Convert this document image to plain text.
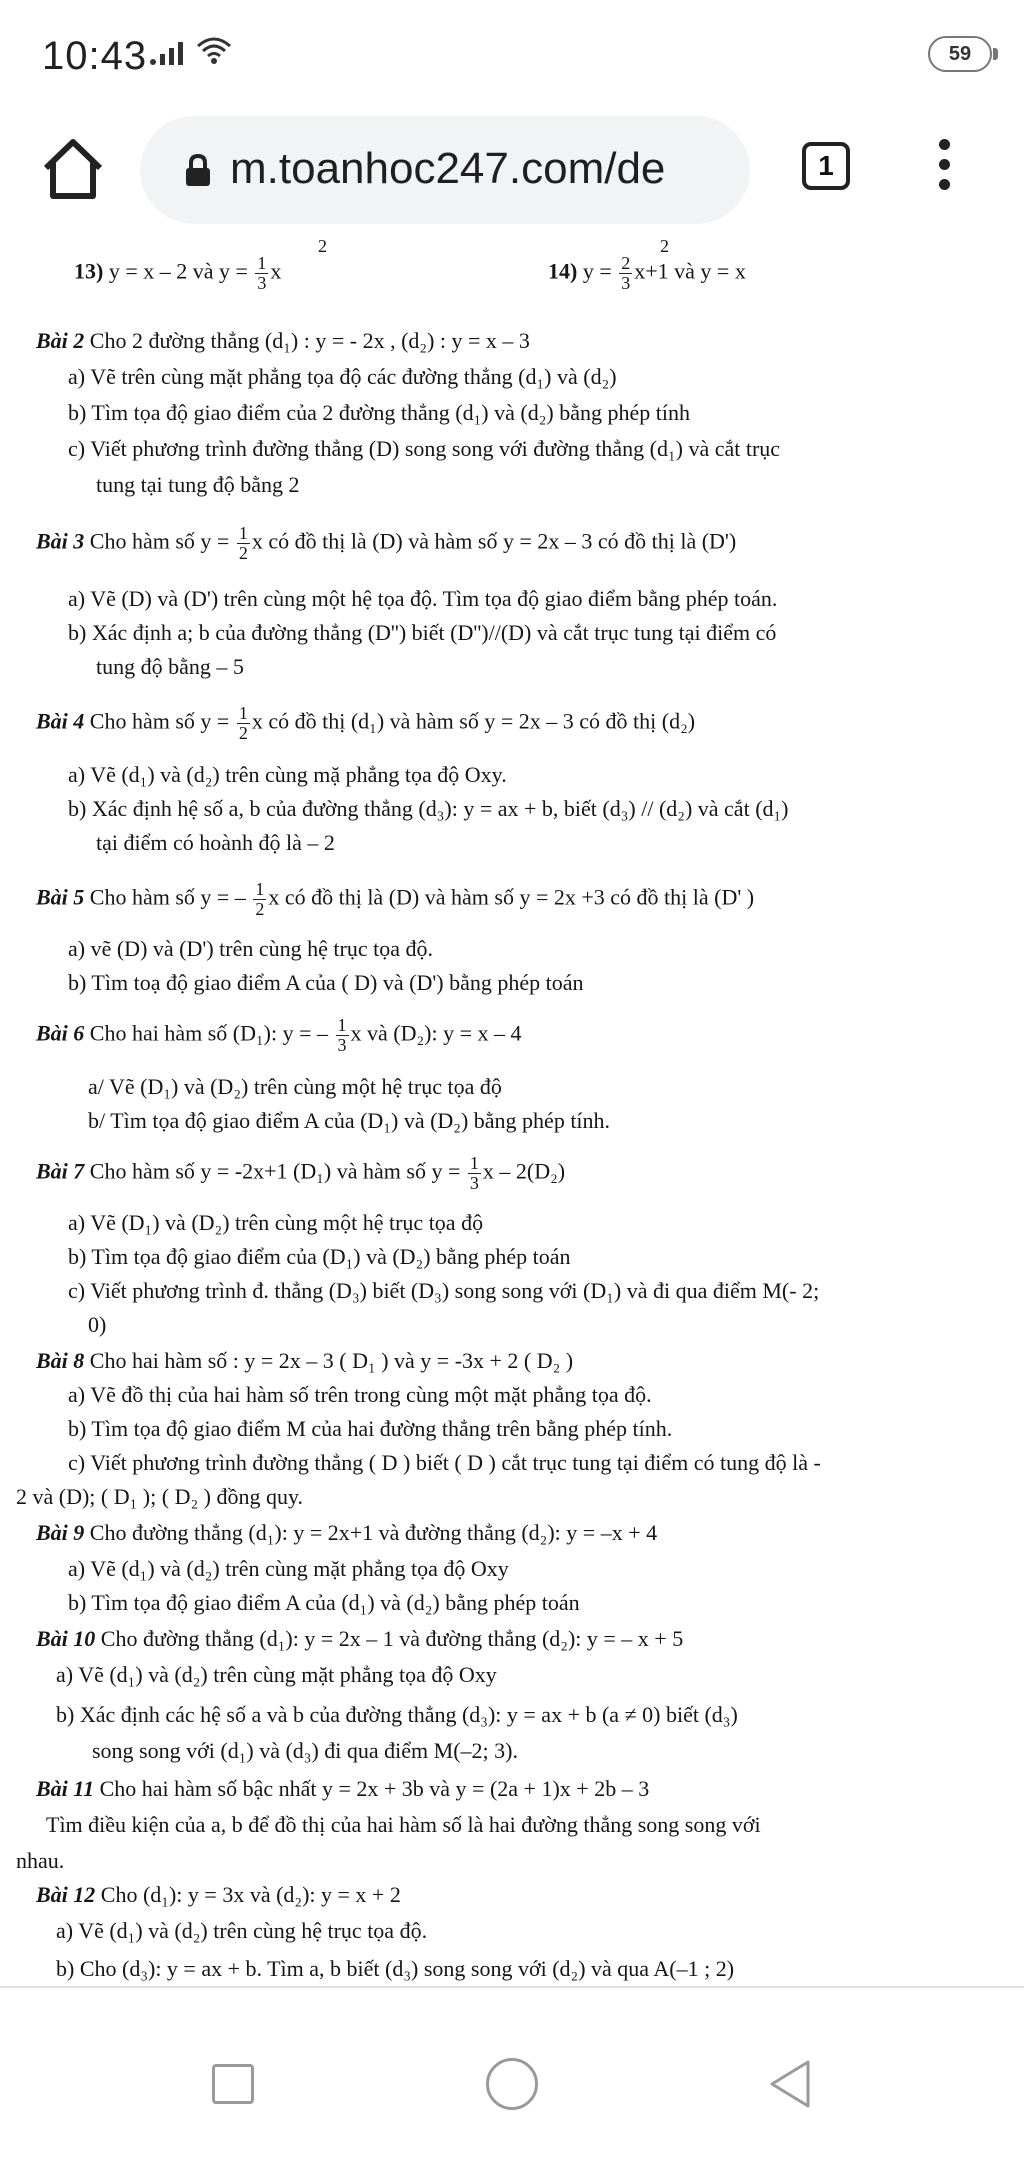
10:43	59
m.toanhoc247.com/de	1
2	2
13) y = x – 2 và $y = \frac{1}{3}$ x	14) $y = \frac{2}{3} x+1$ và y = x
Bài 2 Cho 2 đường thẳng (d₁) : y = - 2x , (d₂) : y = x – 3
a) Vẽ trên cùng mặt phẳng tọa độ các đường thẳng (d₁) và (d₂)
b) Tìm tọa độ giao điểm của 2 đường thẳng (d₁) và (d₂) bằng phép tính
c) Viết phương trình đường thẳng (D) song song với đường thẳng (d₁) và cắt trục
tung tại tung độ bằng 2
Bài 3 Cho hàm số $y = \frac{1}{2}$ x có đồ thị là (D) và hàm số y = 2x – 3 có đồ thị là (D')
a) Vẽ (D) và (D') trên cùng một hệ tọa độ. Tìm tọa độ giao điểm bằng phép toán.
b) Xác định a; b của đường thẳng (D'') biết (D'')//(D) và cắt trục tung tại điểm có
tung độ bằng – 5
Bài 4 Cho hàm số $y = \frac{1}{2}$ x có đồ thị (d₁) và hàm số y = 2x – 3 có đồ thị (d₂)
a) Vẽ (d₁) và (d₂) trên cùng mặ phẳng tọa độ Oxy.
b) Xác định hệ số a, b của đường thẳng (d₃): y = ax + b, biết (d₃) // (d₂) và cắt (d₁)
tại điểm có hoành độ là – 2
Bài 5 Cho hàm số y = – $\frac{1}{2}$ x có đồ thị là (D) và hàm số y = 2x +3 có đồ thị là (D' )
a) vẽ (D) và (D') trên cùng hệ trục tọa độ.
b) Tìm toạ độ giao điểm A của ( D) và (D') bằng phép toán
Bài 6 Cho hai hàm số (D₁): y = – $\frac{1}{3}$ x và (D₂): y = x – 4
a/ Vẽ (D₁) và (D₂) trên cùng một hệ trục tọa độ
b/ Tìm tọa độ giao điểm A của (D₁) và (D₂) bằng phép tính.
Bài 7 Cho hàm số y = -2x+1 (D₁) và hàm số $y = \frac{1}{3}$ x – 2(D₂)
a) Vẽ (D₁) và (D₂) trên cùng một hệ trục tọa độ
b) Tìm tọa độ giao điểm của (D₁) và (D₂) bằng phép toán
c) Viết phương trình đ. thẳng (D₃) biết (D₃) song song với (D₁) và đi qua điểm M(- 2;
0)
Bài 8 Cho hai hàm số : y = 2x – 3 ( D₁ ) và y = -3x + 2 ( D₂ )
a) Vẽ đồ thị của hai hàm số trên trong cùng một mặt phẳng tọa độ.
b) Tìm tọa độ giao điểm M của hai đường thẳng trên bằng phép tính.
c) Viết phương trình đường thẳng ( D ) biết ( D ) cắt trục tung tại điểm có tung độ là -
2 và (D); ( D₁ ); ( D₂ ) đồng quy.
Bài 9 Cho đường thẳng (d₁): y = 2x+1 và đường thẳng (d₂): y = –x + 4
a) Vẽ (d₁) và (d₂) trên cùng mặt phẳng tọa độ Oxy
b) Tìm tọa độ giao điểm A của (d₁) và (d₂) bằng phép toán
Bài 10 Cho đường thẳng (d₁): y = 2x – 1 và đường thẳng (d₂): y = – x + 5
a) Vẽ (d₁) và (d₂) trên cùng mặt phẳng tọa độ Oxy
b) Xác định các hệ số a và b của đường thẳng (d₃): y = ax + b (a ≠ 0) biết (d₃)
song song với (d₁) và (d₃) đi qua điểm M(–2; 3).
Bài 11 Cho hai hàm số bậc nhất y = 2x + 3b và y = (2a + 1)x + 2b – 3
Tìm điều kiện của a, b để đồ thị của hai hàm số là hai đường thẳng song song với
nhau.
Bài 12 Cho (d₁): y = 3x và (d₂): y = x + 2
a) Vẽ (d₁) và (d₂) trên cùng hệ trục tọa độ.
b) Cho (d₃): y = ax + b. Tìm a, b biết (d₃) song song với (d₂) và qua A(–1 ; 2)
